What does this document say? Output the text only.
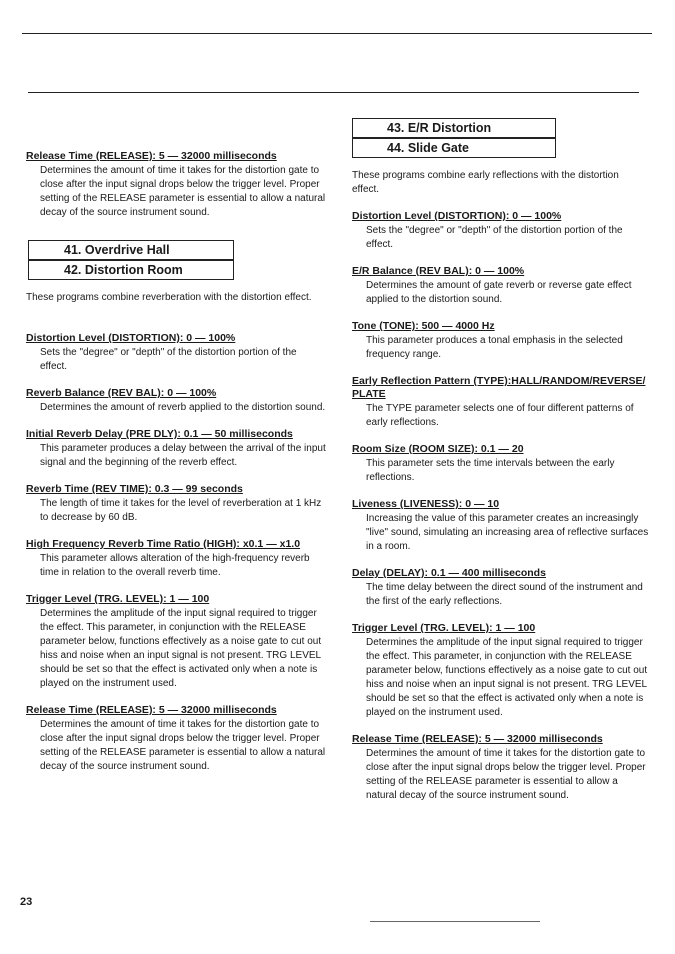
Release Time (RELEASE): 5 — 32000 milliseconds
Determines the amount of time it takes for the distortion gate to close after the input signal drops below the trigger level. Proper setting of the RELEASE parameter is essential to allow a natural decay of the source instrument sound.
41. Overdrive Hall
42. Distortion Room
These programs combine reverberation with the distortion effect.
Distortion Level (DISTORTION): 0 — 100%
Sets the "degree" or "depth" of the distortion portion of the effect.
Reverb Balance (REV BAL): 0 — 100%
Determines the amount of reverb applied to the distortion sound.
Initial Reverb Delay (PRE DLY): 0.1 — 50 milliseconds
This parameter produces a delay between the arrival of the input signal and the beginning of the reverb effect.
Reverb Time (REV TIME): 0.3 — 99 seconds
The length of time it takes for the level of reverberation at 1 kHz to decrease by 60 dB.
High Frequency Reverb Time Ratio (HIGH): x0.1 — x1.0
This parameter allows alteration of the high-frequency reverb time in relation to the overall reverb time.
Trigger Level (TRG. LEVEL): 1 — 100
Determines the amplitude of the input signal required to trigger the effect. This parameter, in conjunction with the RELEASE parameter below, functions effectively as a noise gate to cut out hiss and noise when an input signal is not present. TRG LEVEL should be set so that the effect is activated only when a note is played on the instrument used.
Release Time (RELEASE): 5 — 32000 milliseconds
Determines the amount of time it takes for the distortion gate to close after the input signal drops below the trigger level. Proper setting of the RELEASE parameter is essential to allow a natural decay of the source instrument sound.
43. E/R Distortion
44. Slide Gate
These programs combine early reflections with the distortion effect.
Distortion Level (DISTORTION): 0 — 100%
Sets the "degree" or "depth" of the distortion portion of the effect.
E/R Balance (REV BAL): 0 — 100%
Determines the amount of gate reverb or reverse gate effect applied to the distortion sound.
Tone (TONE): 500 — 4000 Hz
This parameter produces a tonal emphasis in the selected frequency range.
Early Reflection Pattern (TYPE):HALL/RANDOM/REVERSE/ PLATE
The TYPE parameter selects one of four different patterns of early reflections.
Room Size (ROOM SIZE): 0.1 — 20
This parameter sets the time intervals between the early reflections.
Liveness (LIVENESS): 0 — 10
Increasing the value of this parameter creates an increasingly "live" sound, simulating an increasing area of reflective surfaces in a room.
Delay (DELAY): 0.1 — 400 milliseconds
The time delay between the direct sound of the instrument and the first of the early reflections.
Trigger Level (TRG. LEVEL): 1 — 100
Determines the amplitude of the input signal required to trigger the effect. This parameter, in conjunction with the RELEASE parameter below, functions effectively as a noise gate to cut out hiss and noise when an input signal is not present. TRG LEVEL should be set so that the effect is activated only when a note is played on the instrument used.
Release Time (RELEASE): 5 — 32000 milliseconds
Determines the amount of time it takes for the distortion gate to close after the input signal drops below the trigger level. Proper setting of the RELEASE parameter is essential to allow a natural decay of the source instrument sound.
23
